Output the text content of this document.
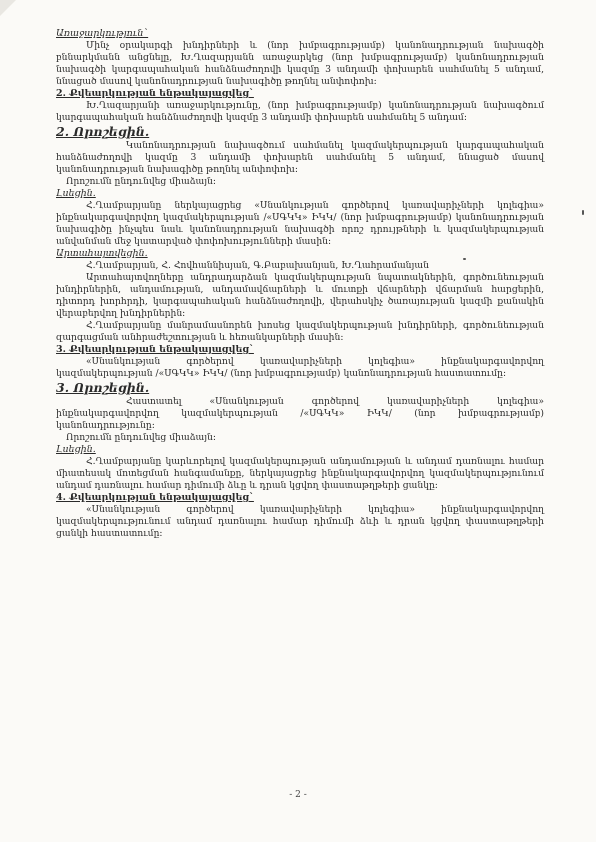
Առաջարկություն`

Մինչ օրակարգի խնդիրների և (նոր խմբագրությամբ) կանոնադրության նախագծի բննարկմանն անցնելը, Խ.Ղազարյանն առաջարկեց (նոր խմբագրությամբ) կանոնադրության նախագծի կարգապահական հանձնաժողովի կազմը 3 անդամի փոխարեն սահմանել 5 անդամ, ննացած մասով կանոնադրության նախագիծը թողնել անփոփոխ:

2. Քվեարկության ենթակայացվեց`

Խ.Ղազարյանի առաջարկությունը, (նոր խմբագրությամբ) կանոնադրության նախագծում կարգապահական հանձնաժողովի կազմը 3 անդամի փոխարեն սահմանել 5 անդամ:

2. Որոշեցին.

Կանոնադրության նախագծում սահմանել կազմակերպության կարգապահական հանձնաժողովի կազմը 3 անդամի փոխարեն սահմանել 5 անդամ, ննացած մասով կանոնադրության նախագիծը թողնել անփոփոխ:

Որոշումն ընդունվեց միաձայն:

Լսեցին.

Հ.Ղամբարյանը ներկայացրեց «Սնանկության գործերով կառավարիչների կոլեգիա» ինքնակարգավորվող կազմակերպության /«ՍԳԿԿ» ԻԿԿ/ (նոր խմբագրությամբ) կանոնադրության նախագիծը ինչպես նաև կանոնադրության նախագծի որոշ դրույթների և կազմակերպության անվանման մեջ կատարված փոփոխությունների մասին:

Արտահայտվեցին.

Հ.Ղամբարյան, Հ. Հովհաննիսյան, Գ.Բաբախանյան, Խ.Ղահրամանյան

Արտահայտվողները անդրադարձան կազմակերպության նպատակներին, գործունեության խնդիրներին, անդամության, անդամավճարների և մուտքի վճարների վճարման հարցերին, դիտորդ խորհրդի, կարգապահական հանձնաժողովի, վերահսկիչ ծառայության կազմի քանակին վերաբերվող խնդիրներին:

Հ.Ղամբարյանը մանրամասնորեն խոսեց կազմակերպության խնդիրների, գործունեության զարգացման անհրաժեշտության և հեռանկարների մասին:

3. Քվեարկության ենթակայացվեց`

«Սնանկության գործերով կառավարիչների կոլեգիա» ինքնակարգավորվող կազմակերպության /«ՍԳԿԿ» ԻԿԿ/ (նոր խմբագրությամբ) կանոնադրության հաստատումը:

3. Որոշեցին.

Հաստատել «Սնանկության գործերով կառավարիչների կոլեգիա» ինքնակարգավորվող կազմակերպության /«ՍԳԿԿ» ԻԿԿ/ (նոր խմբագրությամբ) կանոնադրությունը:

Որոշումն ընդունվեց միաձայն:

Լսեցին.

Հ.Ղամբարյանը կարևորելով կազմակերպության անդամության և անդամ դառնալու համար միատեսակ մոտեցման հանգամանքը, ներկայացրեց ինքնակարգավորվող կազմակերպությունում անդամ դառնալու համար դիմումի ձևը և դրան կցվող փաստաթղթերի ցանկը:

4. Քվեարկության ենթակայացվեց`

«Սնանկության գործերով կառավարիչների կոլեգիա» ինքնակարգավորվող կազմակերպությունում անդամ դառնալու համար դիմումի ձևի և դրան կցվող փաստաթղթերի ցանկի հաստատումը:

- 2 -
